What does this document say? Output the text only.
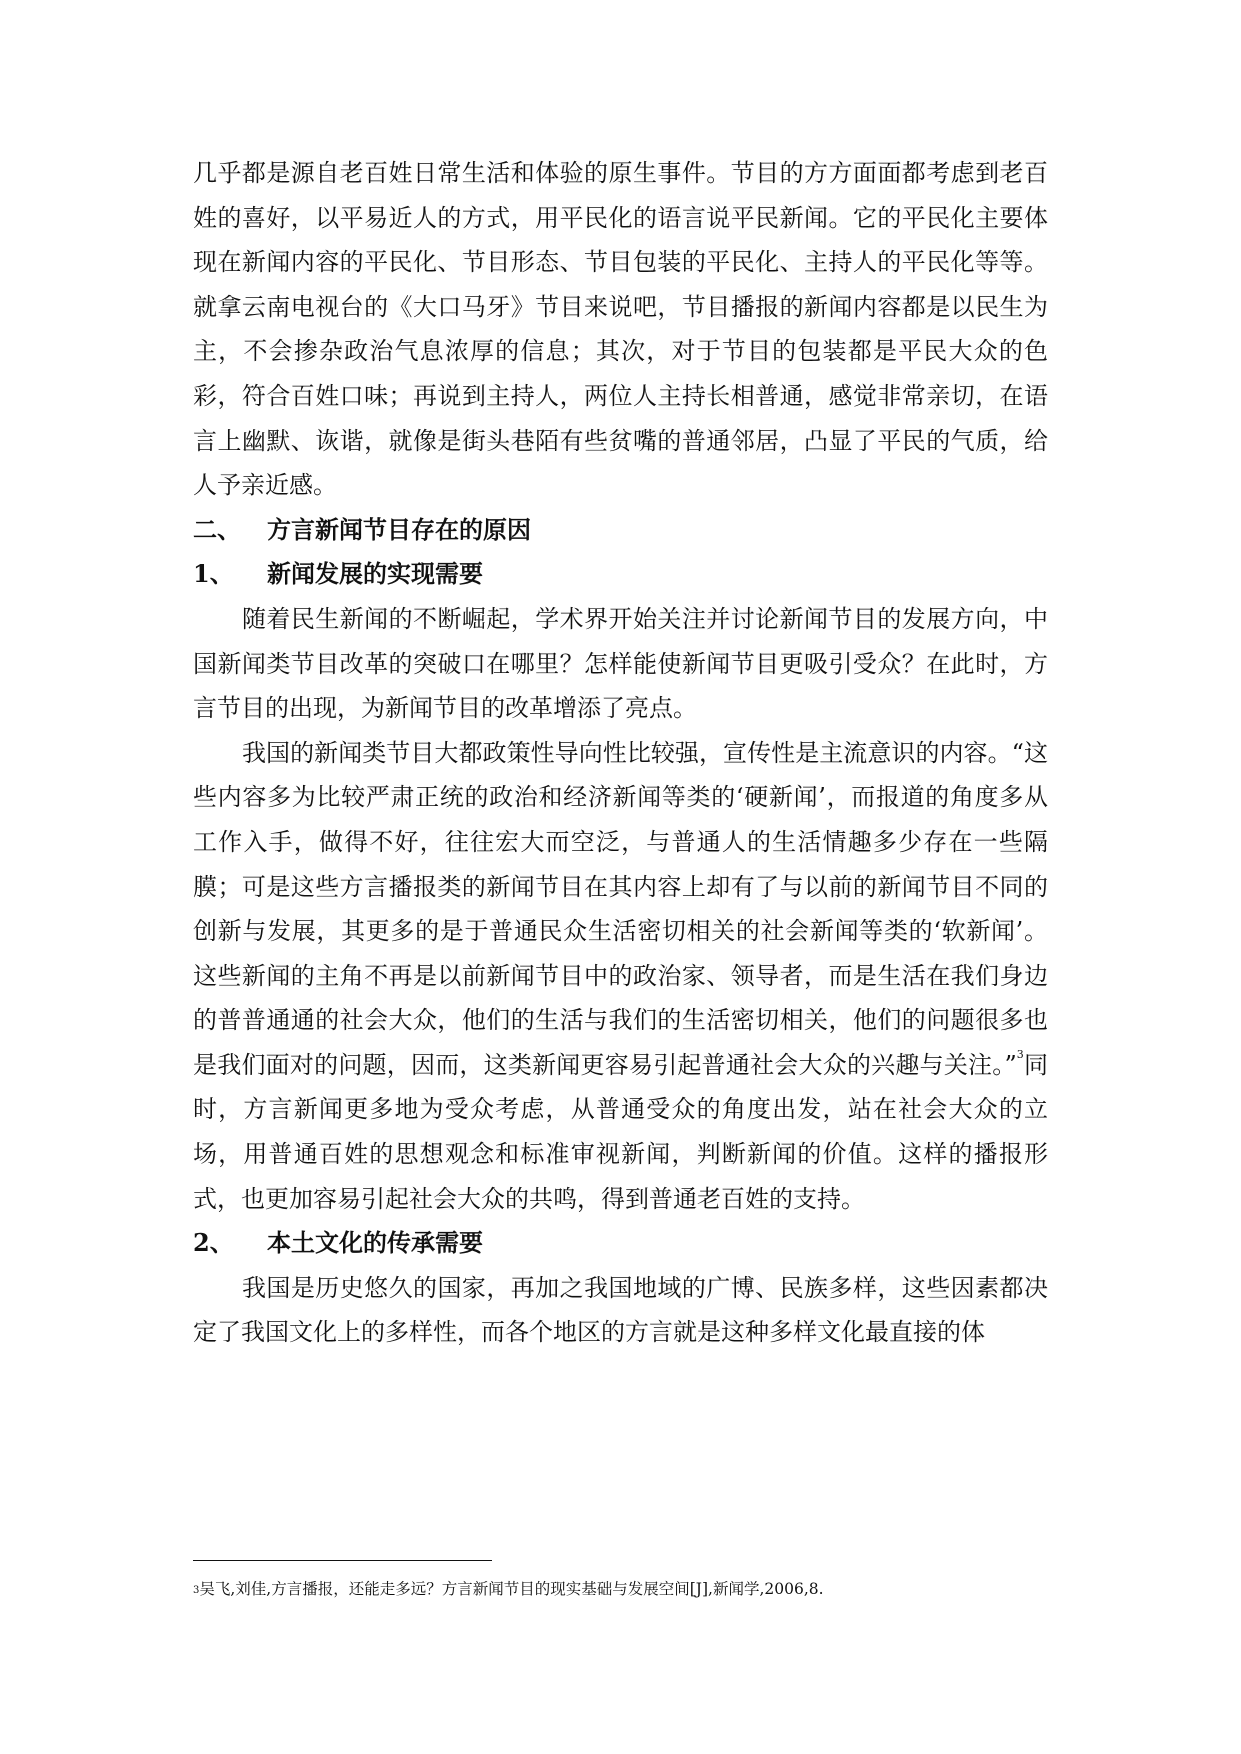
几乎都是源自老百姓日常生活和体验的原生事件。节目的方方面面都考虑到老百姓的喜好，以平易近人的方式，用平民化的语言说平民新闻。它的平民化主要体现在新闻内容的平民化、节目形态、节目包装的平民化、主持人的平民化等等。就拿云南电视台的《大口马牙》节目来说吧，节目播报的新闻内容都是以民生为主，不会掺杂政治气息浓厚的信息；其次，对于节目的包装都是平民大众的色彩，符合百姓口味；再说到主持人，两位人主持长相普通，感觉非常亲切，在语言上幽默、诙谐，就像是街头巷陌有些贫嘴的普通邻居，凸显了平民的气质，给人予亲近感。

二、	方言新闻节目存在的原因
1、	新闻发展的实现需要

随着民生新闻的不断崛起，学术界开始关注并讨论新闻节目的发展方向，中国新闻类节目改革的突破口在哪里？怎样能使新闻节目更吸引受众？在此时，方言节目的出现，为新闻节目的改革增添了亮点。

我国的新闻类节目大都政策性导向性比较强，宣传性是主流意识的内容。“这些内容多为比较严肃正统的政治和经济新闻等类的‘硬新闻’，而报道的角度多从工作入手，做得不好，往往宏大而空泛，与普通人的生活情趣多少存在一些隔膜；可是这些方言播报类的新闻节目在其内容上却有了与以前的新闻节目不同的创新与发展，其更多的是于普通民众生活密切相关的社会新闻等类的‘软新闻’。这些新闻的主角不再是以前新闻节目中的政治家、领导者，而是生活在我们身边的普普通通的社会大众，他们的生活与我们的生活密切相关，他们的问题很多也是我们面对的问题，因而，这类新闻更容易引起普通社会大众的兴趣与关注。”$^3$同时，方言新闻更多地为受众考虑，从普通受众的角度出发，站在社会大众的立场，用普通百姓的思想观念和标准审视新闻，判断新闻的价值。这样的播报形式，也更加容易引起社会大众的共鸣，得到普通老百姓的支持。

2、	本土文化的传承需要

我国是历史悠久的国家，再加之我国地域的广博、民族多样，这些因素都决定了我国文化上的多样性，而各个地区的方言就是这种多样文化最直接的体

$^3$吴飞,刘佳,方言播报，还能走多远？方言新闻节目的现实基础与发展空间[J],新闻学,2006,8.
